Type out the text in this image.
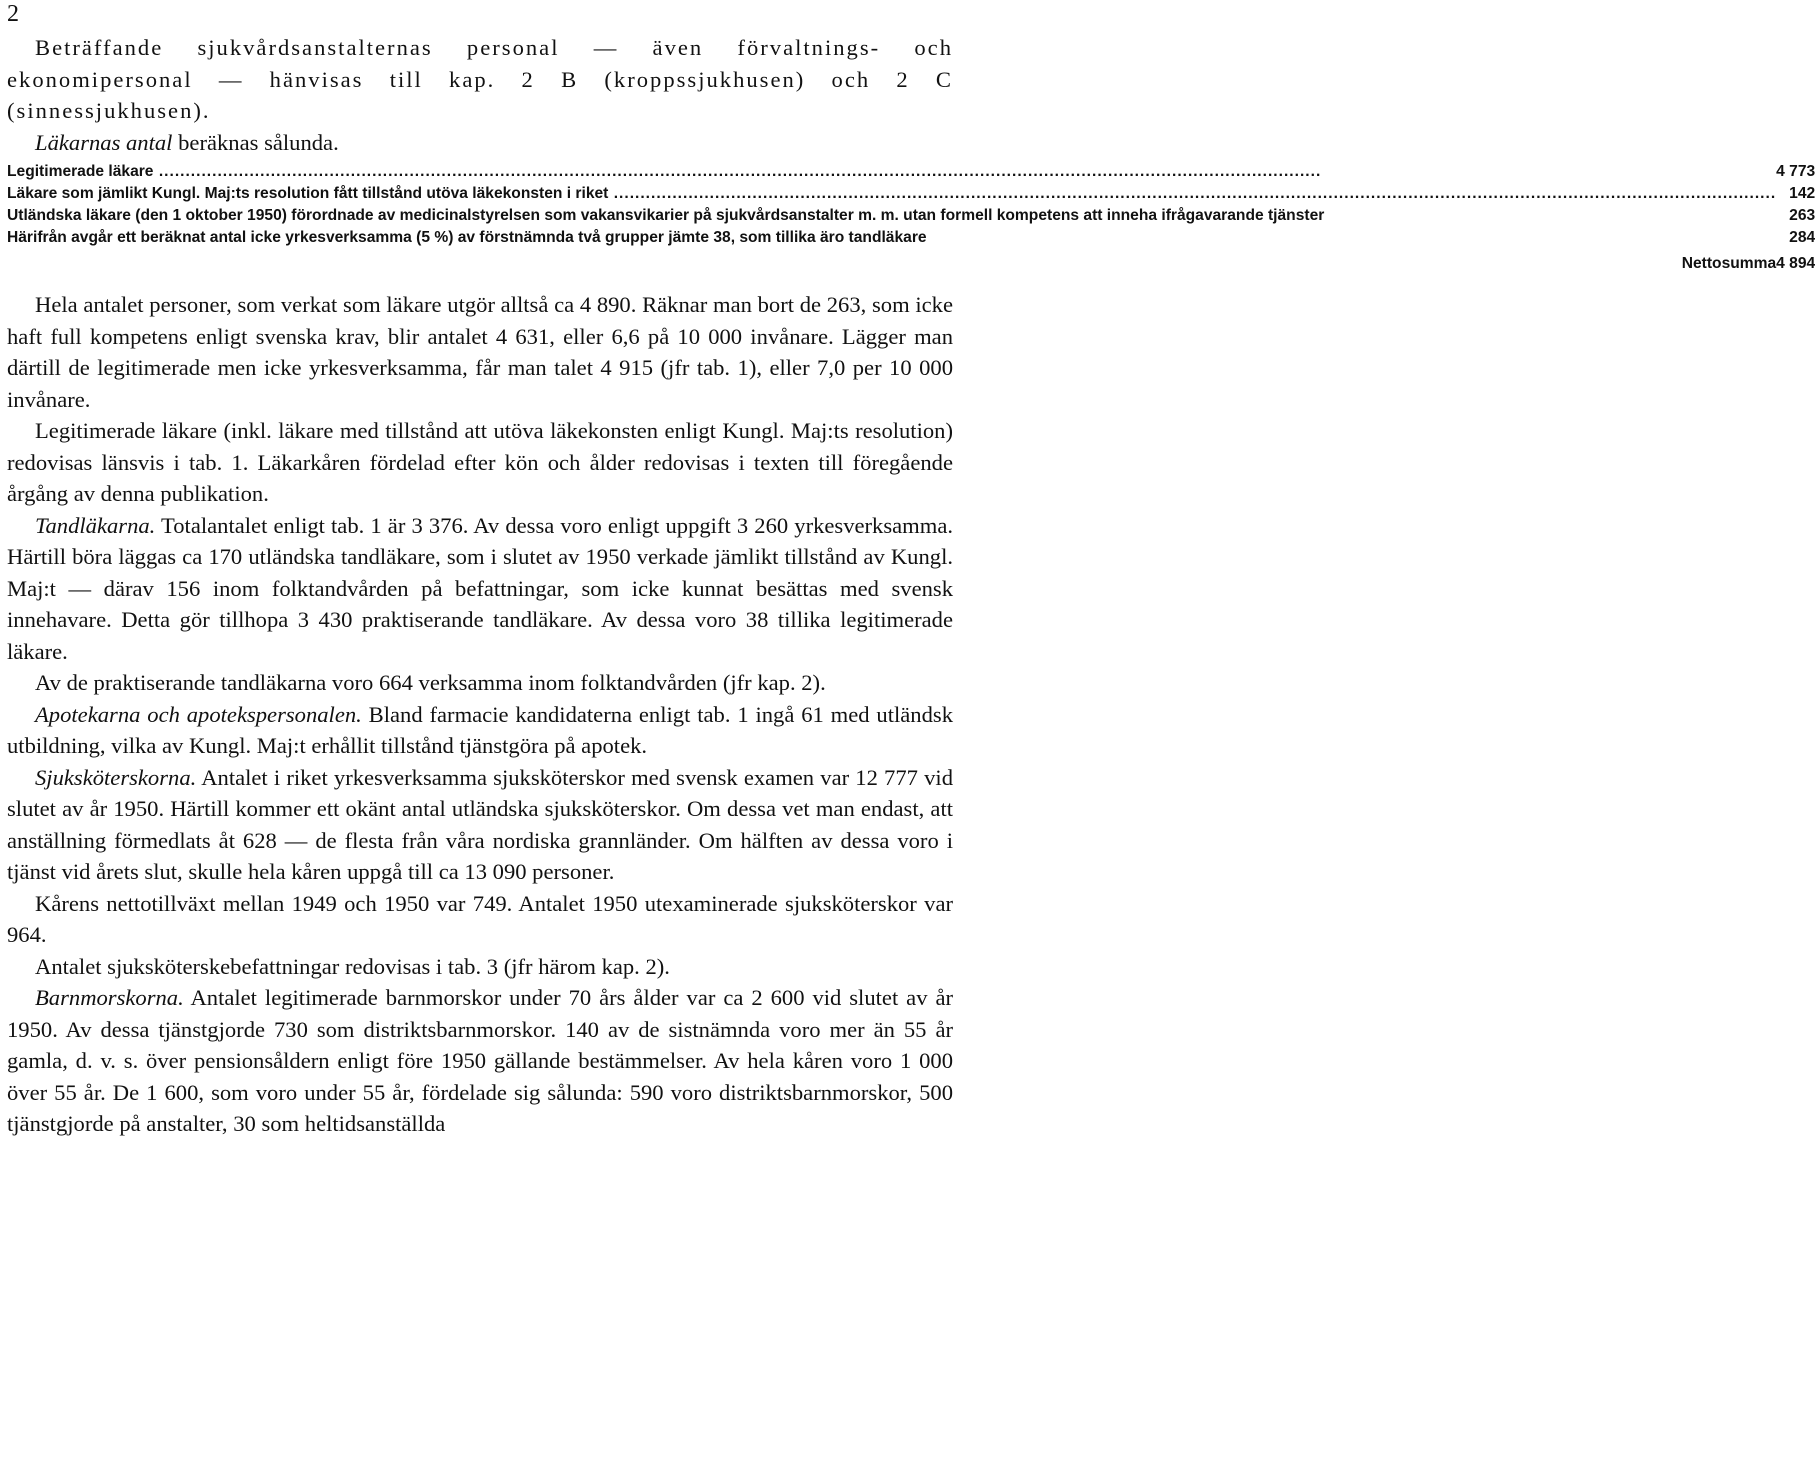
2

Beträffande sjukvårdsanstalternas personal — även förvaltnings- och ekonomipersonal — hänvisas till kap. 2 B (kroppssjukhusen) och 2 C (sinnessjukhusen).

Läkarnas antal beräknas sålunda.

Legitimerade läkare .....	4 773

Läkare som jämlikt Kungl. Maj:ts resolution fått tillstånd utöva läkekonsten i riket .....	142

Utländska läkare (den 1 oktober 1950) förordnade av medicinalstyrelsen som vakansvikarier på sjukvårdsanstalter m. m. utan formell kompetens att inneha ifrågavarande tjänster	263

Härifrån avgår ett beräknat antal icke yrkesverksamma (5 %) av förstnämnda två grupper jämte 38, som tillika äro tandläkare	284
Nettosumma	4 894

Hela antalet personer, som verkat som läkare utgör alltså ca 4 890. Räknar man bort de 263, som icke haft full kompetens enligt svenska krav, blir antalet 4 631, eller 6,6 på 10 000 invånare. Lägger man därtill de legitimerade men icke yrkesverksamma, får man talet 4 915 (jfr tab. 1), eller 7,0 per 10 000 invånare.

Legitimerade läkare (inkl. läkare med tillstånd att utöva läkekonsten enligt Kungl. Maj:ts resolution) redovisas länsvis i tab. 1. Läkarkåren fördelad efter kön och ålder redovisas i texten till föregående årgång av denna publikation.

Tandläkarna. Totalantalet enligt tab. 1 är 3 376. Av dessa voro enligt uppgift 3 260 yrkesverksamma. Härtill böra läggas ca 170 utländska tandläkare, som i slutet av 1950 verkade jämlikt tillstånd av Kungl. Maj:t — därav 156 inom folktandvården på befattningar, som icke kunnat besättas med svensk innehavare. Detta gör tillhopa 3 430 praktiserande tandläkare. Av dessa voro 38 tillika legitimerade läkare.

Av de praktiserande tandläkarna voro 664 verksamma inom folktandvården (jfr kap. 2).

Apotekarna och apotekspersonalen. Bland farmacie kandidaterna enligt tab. 1 ingå 61 med utländsk utbildning, vilka av Kungl. Maj:t erhållit tillstånd tjänstgöra på apotek.

Sjuksköterskorna. Antalet i riket yrkesverksamma sjuksköterskor med svensk examen var 12 777 vid slutet av år 1950. Härtill kommer ett okänt antal utländska sjuksköterskor. Om dessa vet man endast, att anställning förmedlats åt 628 — de flesta från våra nordiska grannländer. Om hälften av dessa voro i tjänst vid årets slut, skulle hela kåren uppgå till ca 13 090 personer.

Kårens nettotillväxt mellan 1949 och 1950 var 749. Antalet 1950 utexaminerade sjuksköterskor var 964.

Antalet sjuksköterskebefattningar redovisas i tab. 3 (jfr härom kap. 2).

Barnmorskorna. Antalet legitimerade barnmorskor under 70 års ålder var ca 2 600 vid slutet av år 1950. Av dessa tjänstgjorde 730 som distriktsbarnmorskor. 140 av de sistnämnda voro mer än 55 år gamla, d. v. s. över pensionsåldern enligt före 1950 gällande bestämmelser. Av hela kåren voro 1 000 över 55 år. De 1 600, som voro under 55 år, fördelade sig sålunda: 590 voro distriktsbarnmorskor, 500 tjänstgjorde på anstalter, 30 som heltidsanställda
